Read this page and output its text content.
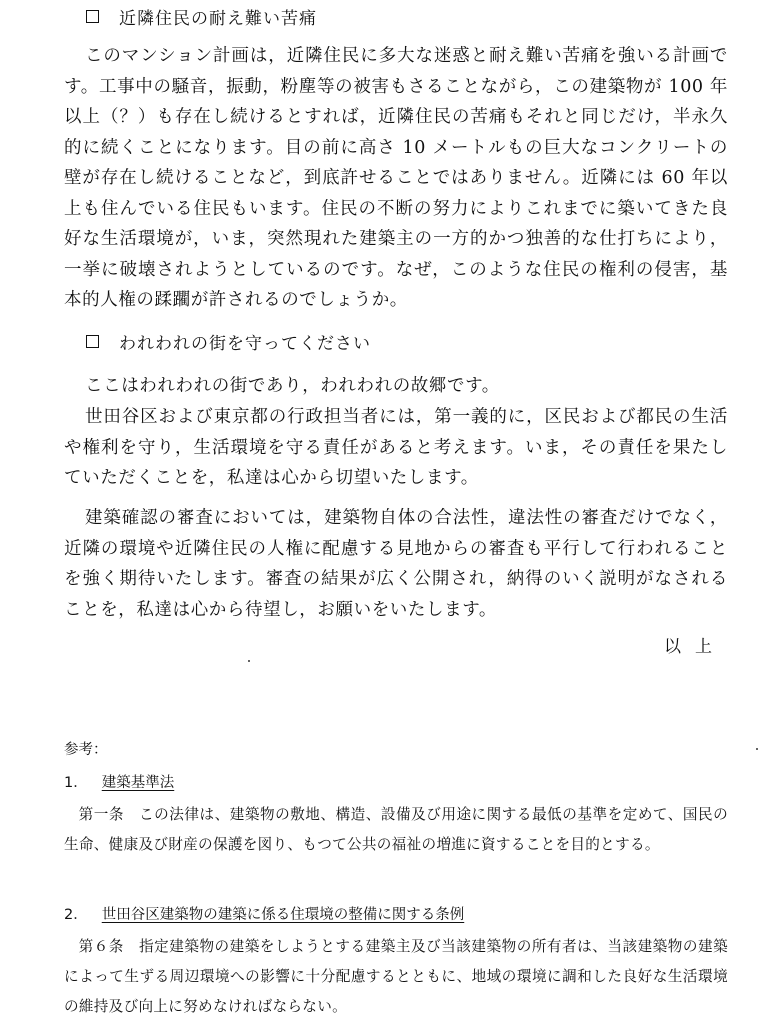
近隣住民の耐え難い苦痛

このマンション計画は，近隣住民に多大な迷惑と耐え難い苦痛を強いる計画です。工事中の騒音，振動，粉塵等の被害もさることながら，この建築物が 100 年以上（？）も存在し続けるとすれば，近隣住民の苦痛もそれと同じだけ，半永久的に続くことになります。目の前に高さ 10 メートルもの巨大なコンクリートの壁が存在し続けることなど，到底許せることではありません。近隣には 60 年以上も住んでいる住民もいます。住民の不断の努力によりこれまでに築いてきた良好な生活環境が，いま，突然現れた建築主の一方的かつ独善的な仕打ちにより，一挙に破壊されようとしているのです。なぜ，このような住民の権利の侵害，基本的人権の蹂躙が許されるのでしょうか。

われわれの街を守ってください

ここはわれわれの街であり，われわれの故郷です。

世田谷区および東京都の行政担当者には，第一義的に，区民および都民の生活や権利を守り，生活環境を守る責任があると考えます。いま，その責任を果たしていただくことを，私達は心から切望いたします。

建築確認の審査においては，建築物自体の合法性，違法性の審査だけでなく，近隣の環境や近隣住民の人権に配慮する見地からの審査も平行して行われることを強く期待いたします。審査の結果が広く公開され，納得のいく説明がなされることを，私達は心から待望し，お願いをいたします。

以上
参考：
1． 建築基準法

第一条　この法律は、建築物の敷地、構造、設備及び用途に関する最低の基準を定めて、国民の生命、健康及び財産の保護を図り、もつて公共の福祉の増進に資することを目的とする。

2． 世田谷区建築物の建築に係る住環境の整備に関する条例

第６条　指定建築物の建築をしようとする建築主及び当該建築物の所有者は、当該建築物の建築によって生ずる周辺環境への影響に十分配慮するとともに、地域の環境に調和した良好な生活環境の維持及び向上に努めなければならない。
